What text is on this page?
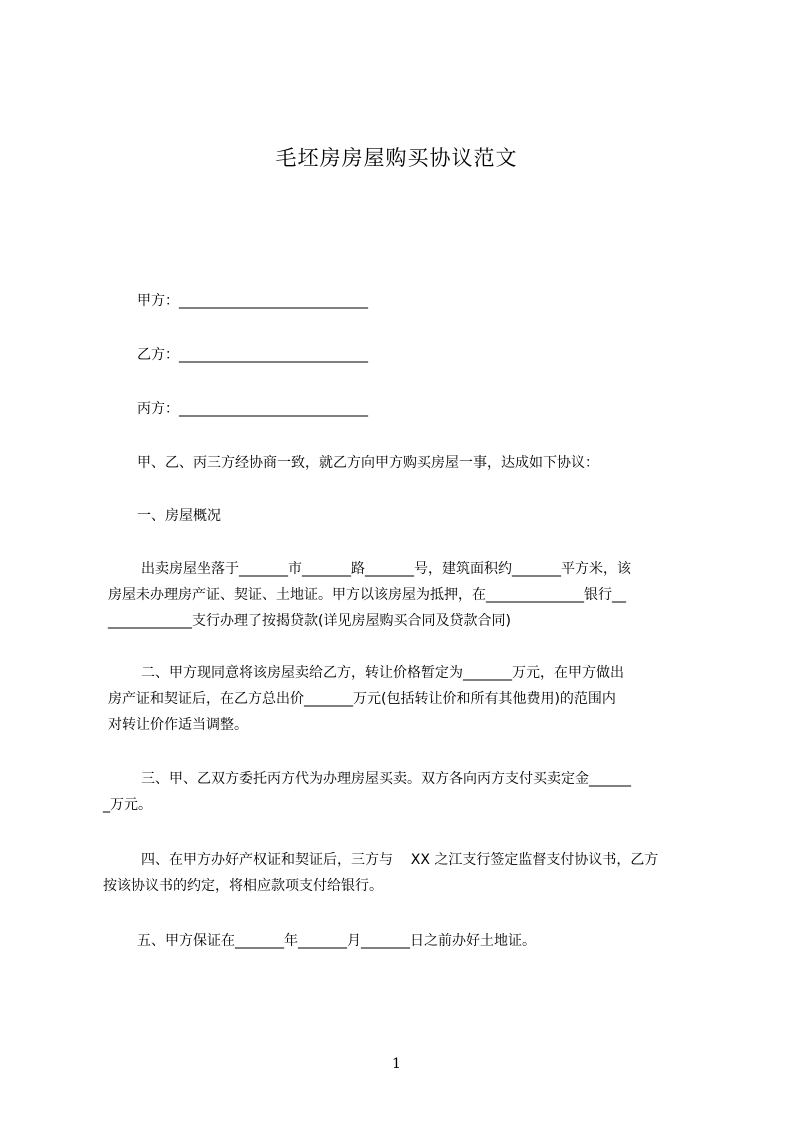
毛坯房房屋购买协议范文
甲方：___________________________
乙方：___________________________
丙方：___________________________
甲、乙、丙三方经协商一致，就乙方向甲方购买房屋一事，达成如下协议：
一、房屋概况
出卖房屋坐落于_______市_______路_______号，建筑面积约_______平方米，该
房屋未办理房产证、契证、土地证。甲方以该房屋为抵押，在______________银行__
____________支行办理了按揭贷款(详见房屋购买合同及贷款合同)
二、甲方现同意将该房屋卖给乙方，转让价格暂定为_______万元，在甲方做出
房产证和契证后，在乙方总出价_______万元(包括转让价和所有其他费用)的范围内
对转让价作适当调整。
三、甲、乙双方委托丙方代为办理房屋买卖。双方各向丙方支付买卖定金______
_万元。
四、在甲方办好产权证和契证后，三方与    XX 之江支行签定监督支付协议书，乙方
按该协议书的约定，将相应款项支付给银行。
五、甲方保证在_______年_______月_______日之前办好土地证。
1
